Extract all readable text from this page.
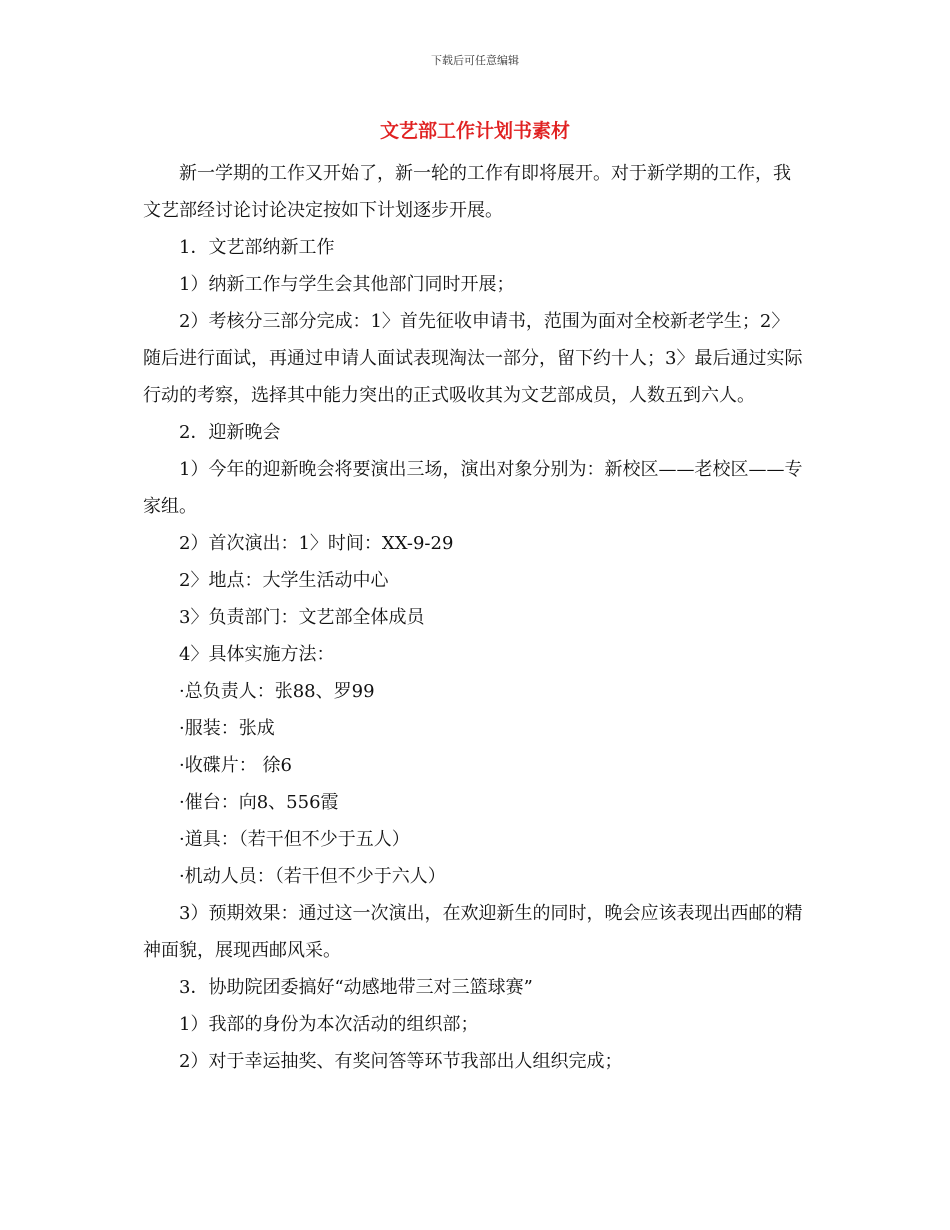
下载后可任意编辑
文艺部工作计划书素材

新一学期的工作又开始了，新一轮的工作有即将展开。对于新学期的工作，我文艺部经讨论讨论决定按如下计划逐步开展。

1．文艺部纳新工作

1）纳新工作与学生会其他部门同时开展；

2）考核分三部分完成：1〉首先征收申请书，范围为面对全校新老学生；2〉随后进行面试，再通过申请人面试表现淘汰一部分，留下约十人；3〉最后通过实际行动的考察，选择其中能力突出的正式吸收其为文艺部成员，人数五到六人。

2．迎新晚会

1）今年的迎新晚会将要演出三场，演出对象分别为：新校区——老校区——专家组。

2）首次演出：1〉时间：XX-9-29

2〉地点：大学生活动中心

3〉负责部门：文艺部全体成员

4〉具体实施方法：

·总负责人：张88、罗99

·服装：张成

·收碟片： 徐6

·催台：向8、556霞

·道具：（若干但不少于五人）

·机动人员：（若干但不少于六人）

3）预期效果：通过这一次演出，在欢迎新生的同时，晚会应该表现出西邮的精神面貌，展现西邮风采。

3．协助院团委搞好“动感地带三对三篮球赛”

1）我部的身份为本次活动的组织部；

2）对于幸运抽奖、有奖问答等环节我部出人组织完成；
